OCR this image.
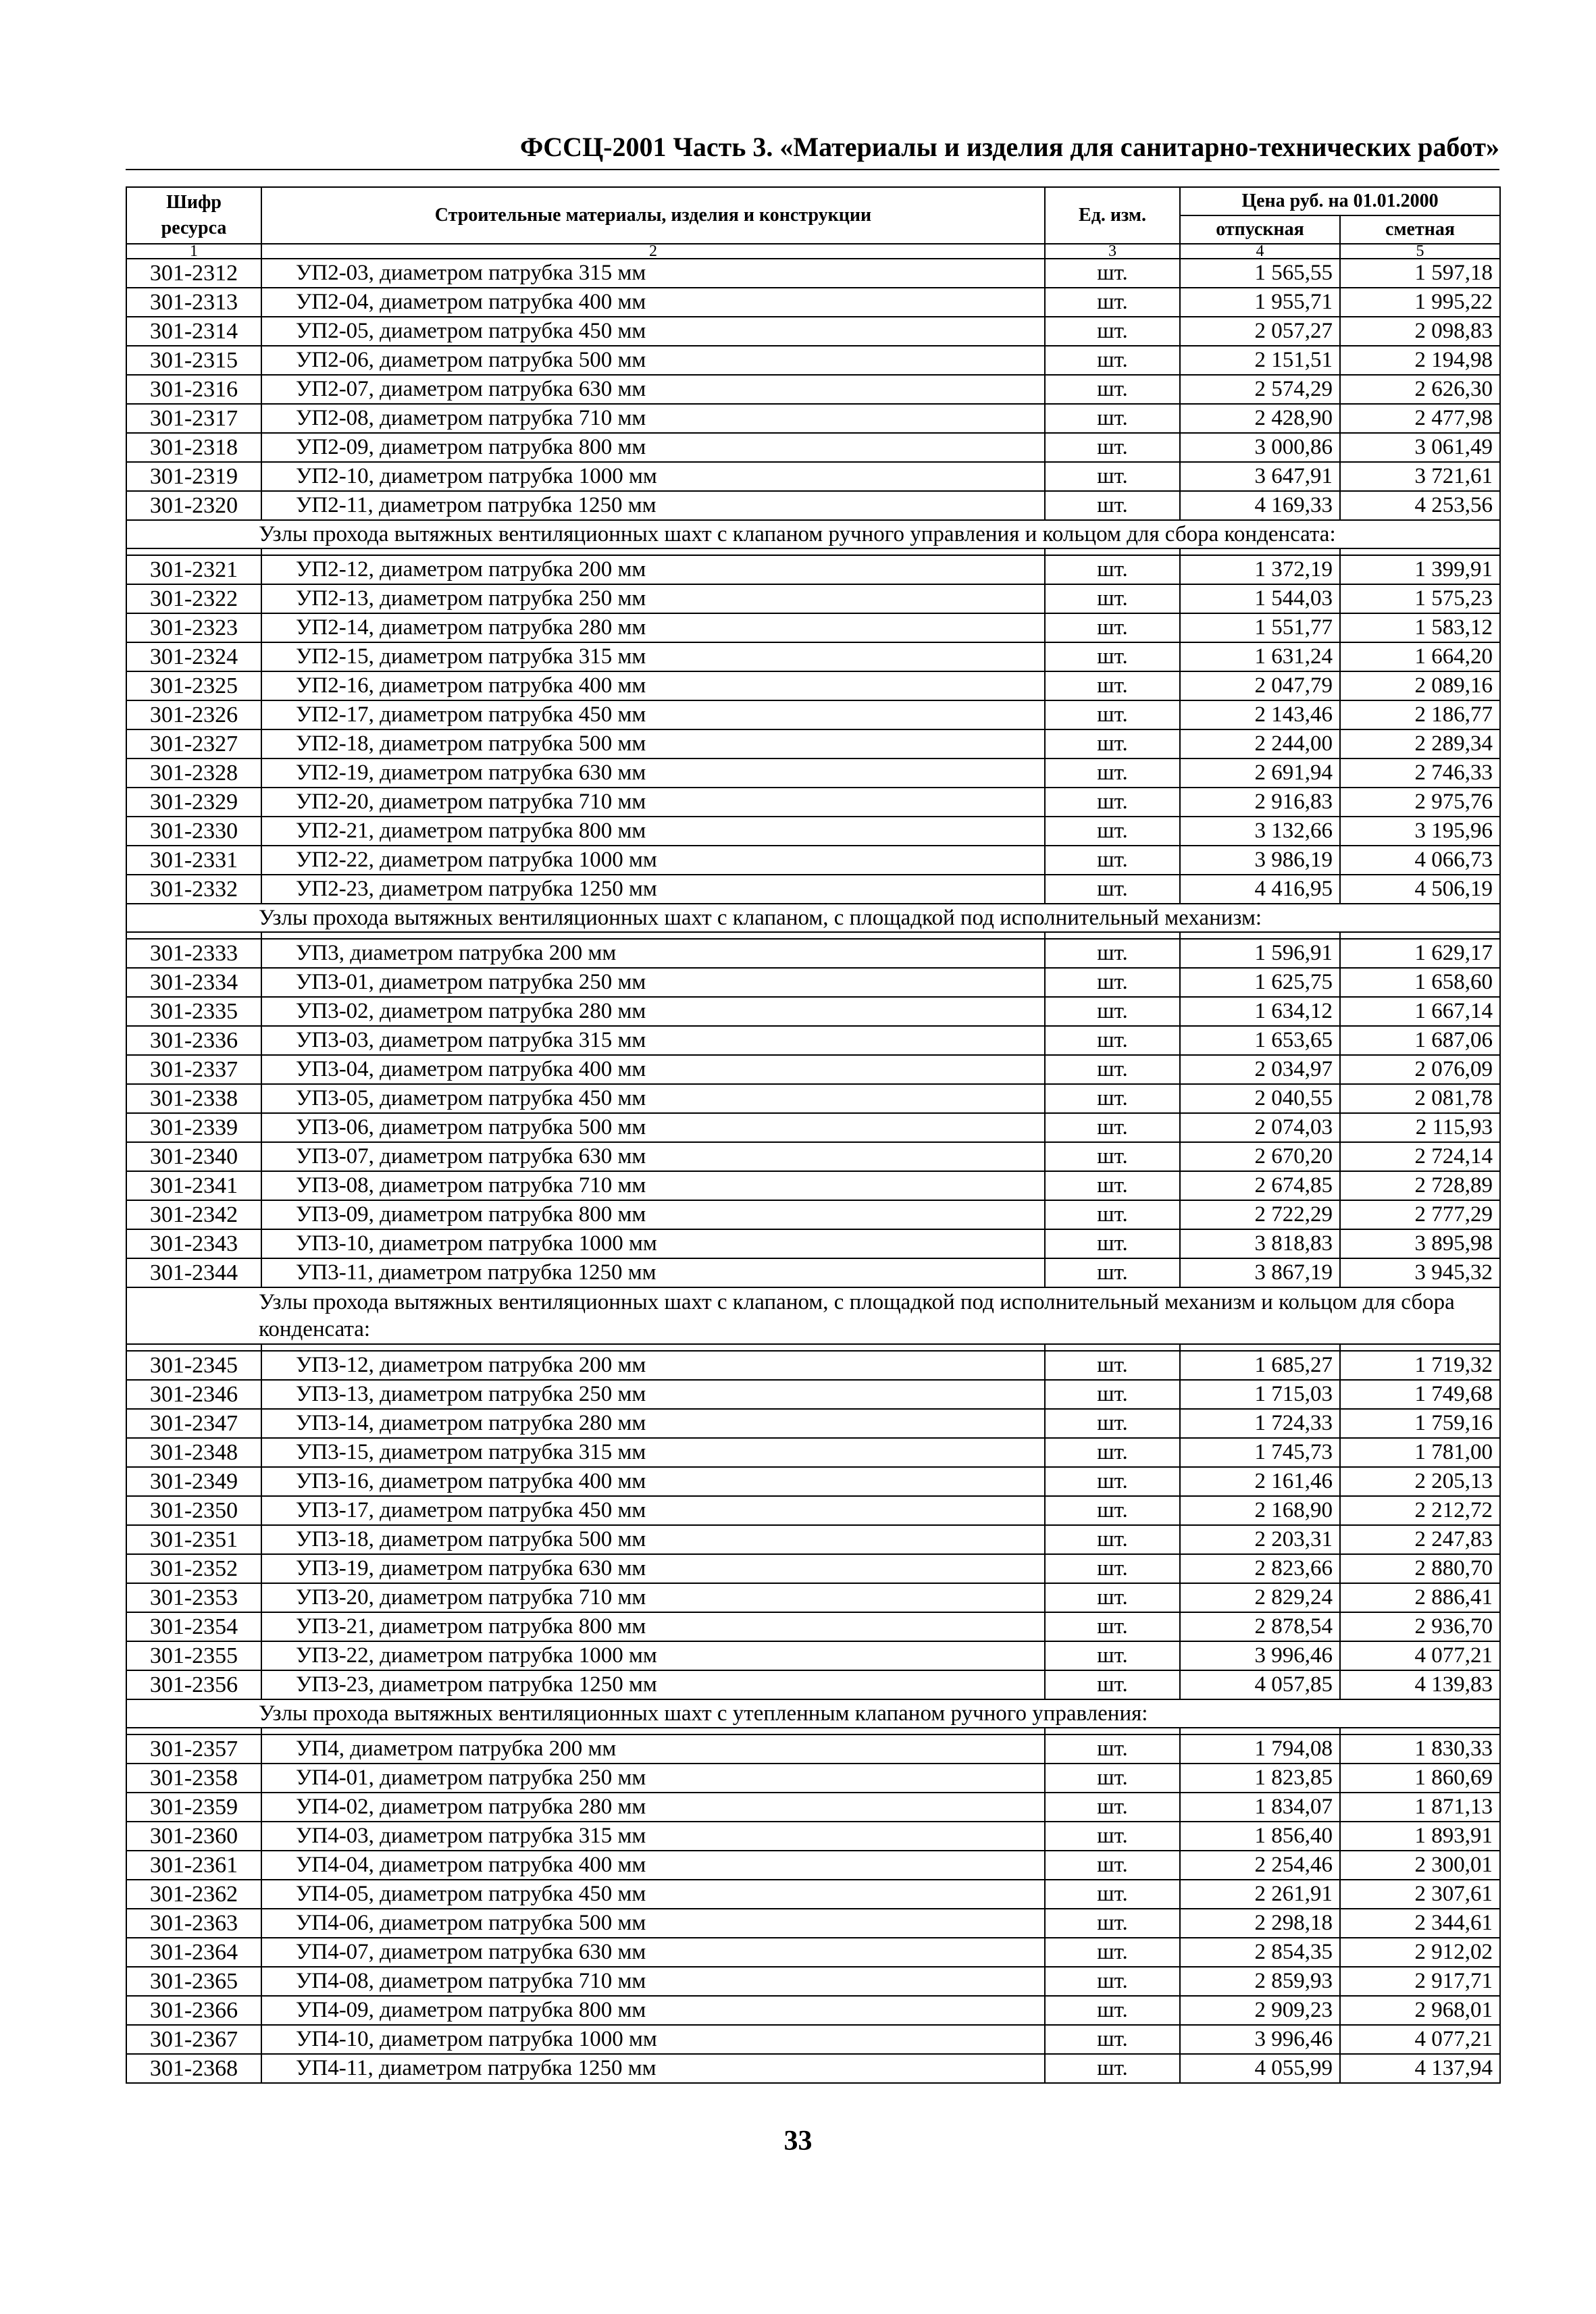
ФССЦ-2001 Часть 3. «Материалы и изделия для санитарно-технических работ»
Шифр ресурса	Строительные материалы, изделия и конструкции	Ед. изм.	Цена руб. на 01.01.2000	
			отпускная	сметная
1	2	3	4	5
301-2312	УП2-03, диаметром патрубка 315 мм	шт.	1 565,55	1 597,18
301-2313	УП2-04, диаметром патрубка 400 мм	шт.	1 955,71	1 995,22
301-2314	УП2-05, диаметром патрубка 450 мм	шт.	2 057,27	2 098,83
301-2315	УП2-06, диаметром патрубка 500 мм	шт.	2 151,51	2 194,98
301-2316	УП2-07, диаметром патрубка 630 мм	шт.	2 574,29	2 626,30
301-2317	УП2-08, диаметром патрубка 710 мм	шт.	2 428,90	2 477,98
301-2318	УП2-09, диаметром патрубка 800 мм	шт.	3 000,86	3 061,49
301-2319	УП2-10, диаметром патрубка 1000 мм	шт.	3 647,91	3 721,61
301-2320	УП2-11, диаметром патрубка 1250 мм	шт.	4 169,33	4 253,56
Узлы прохода вытяжных вентиляционных шахт с клапаном ручного управления и кольцом для сбора конденсата:				

301-2321	УП2-12, диаметром патрубка 200 мм	шт.	1 372,19	1 399,91
301-2322	УП2-13, диаметром патрубка 250 мм	шт.	1 544,03	1 575,23
301-2323	УП2-14, диаметром патрубка 280 мм	шт.	1 551,77	1 583,12
301-2324	УП2-15, диаметром патрубка 315 мм	шт.	1 631,24	1 664,20
301-2325	УП2-16, диаметром патрубка 400 мм	шт.	2 047,79	2 089,16
301-2326	УП2-17, диаметром патрубка 450 мм	шт.	2 143,46	2 186,77
301-2327	УП2-18, диаметром патрубка 500 мм	шт.	2 244,00	2 289,34
301-2328	УП2-19, диаметром патрубка 630 мм	шт.	2 691,94	2 746,33
301-2329	УП2-20, диаметром патрубка 710 мм	шт.	2 916,83	2 975,76
301-2330	УП2-21, диаметром патрубка 800 мм	шт.	3 132,66	3 195,96
301-2331	УП2-22, диаметром патрубка 1000 мм	шт.	3 986,19	4 066,73
301-2332	УП2-23, диаметром патрубка 1250 мм	шт.	4 416,95	4 506,19
Узлы прохода вытяжных вентиляционных шахт с клапаном, с площадкой под исполнительный механизм:				

301-2333	УП3, диаметром патрубка 200 мм	шт.	1 596,91	1 629,17
301-2334	УП3-01, диаметром патрубка 250 мм	шт.	1 625,75	1 658,60
301-2335	УП3-02, диаметром патрубка 280 мм	шт.	1 634,12	1 667,14
301-2336	УП3-03, диаметром патрубка 315 мм	шт.	1 653,65	1 687,06
301-2337	УП3-04, диаметром патрубка 400 мм	шт.	2 034,97	2 076,09
301-2338	УП3-05, диаметром патрубка 450 мм	шт.	2 040,55	2 081,78
301-2339	УП3-06, диаметром патрубка 500 мм	шт.	2 074,03	2 115,93
301-2340	УП3-07, диаметром патрубка 630 мм	шт.	2 670,20	2 724,14
301-2341	УП3-08, диаметром патрубка 710 мм	шт.	2 674,85	2 728,89
301-2342	УП3-09, диаметром патрубка 800 мм	шт.	2 722,29	2 777,29
301-2343	УП3-10, диаметром патрубка 1000 мм	шт.	3 818,83	3 895,98
301-2344	УП3-11, диаметром патрубка 1250 мм	шт.	3 867,19	3 945,32
Узлы прохода вытяжных вентиляционных шахт с клапаном, с площадкой под исполнительный механизм и кольцом для сбора конденсата:				

301-2345	УП3-12, диаметром патрубка 200 мм	шт.	1 685,27	1 719,32
301-2346	УП3-13, диаметром патрубка 250 мм	шт.	1 715,03	1 749,68
301-2347	УП3-14, диаметром патрубка 280 мм	шт.	1 724,33	1 759,16
301-2348	УП3-15, диаметром патрубка 315 мм	шт.	1 745,73	1 781,00
301-2349	УП3-16, диаметром патрубка 400 мм	шт.	2 161,46	2 205,13
301-2350	УП3-17, диаметром патрубка 450 мм	шт.	2 168,90	2 212,72
301-2351	УП3-18, диаметром патрубка 500 мм	шт.	2 203,31	2 247,83
301-2352	УП3-19, диаметром патрубка 630 мм	шт.	2 823,66	2 880,70
301-2353	УП3-20, диаметром патрубка 710 мм	шт.	2 829,24	2 886,41
301-2354	УП3-21, диаметром патрубка 800 мм	шт.	2 878,54	2 936,70
301-2355	УП3-22, диаметром патрубка 1000 мм	шт.	3 996,46	4 077,21
301-2356	УП3-23, диаметром патрубка 1250 мм	шт.	4 057,85	4 139,83
Узлы прохода вытяжных вентиляционных шахт с утепленным клапаном ручного управления:				

301-2357	УП4, диаметром патрубка 200 мм	шт.	1 794,08	1 830,33
301-2358	УП4-01, диаметром патрубка 250 мм	шт.	1 823,85	1 860,69
301-2359	УП4-02, диаметром патрубка 280 мм	шт.	1 834,07	1 871,13
301-2360	УП4-03, диаметром патрубка 315 мм	шт.	1 856,40	1 893,91
301-2361	УП4-04, диаметром патрубка 400 мм	шт.	2 254,46	2 300,01
301-2362	УП4-05, диаметром патрубка 450 мм	шт.	2 261,91	2 307,61
301-2363	УП4-06, диаметром патрубка 500 мм	шт.	2 298,18	2 344,61
301-2364	УП4-07, диаметром патрубка 630 мм	шт.	2 854,35	2 912,02
301-2365	УП4-08, диаметром патрубка 710 мм	шт.	2 859,93	2 917,71
301-2366	УП4-09, диаметром патрубка 800 мм	шт.	2 909,23	2 968,01
301-2367	УП4-10, диаметром патрубка 1000 мм	шт.	3 996,46	4 077,21
301-2368	УП4-11, диаметром патрубка 1250 мм	шт.	4 055,99	4 137,94
33
